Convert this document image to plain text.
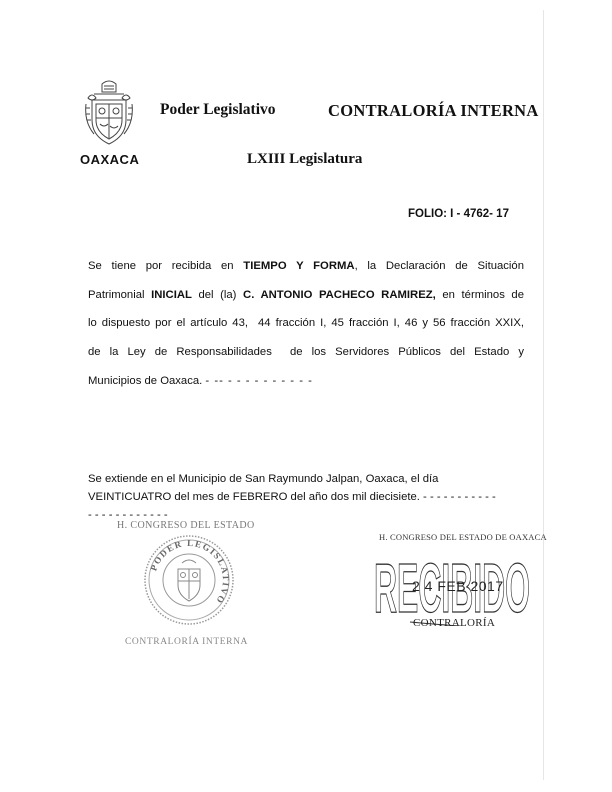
OAXACA
Poder Legislativo	CONTRALORÍA INTERNA
LXIII Legislatura
FOLIO: I - 4762- 17
Se tiene por recibida en TIEMPO Y FORMA, la Declaración de Situación
Patrimonial INICIAL del (la) C. ANTONIO PACHECO RAMIREZ, en términos de
lo dispuesto por el artículo 43,  44 fracción I, 45 fracción I, 46 y 56 fracción XXIX,
de la Ley de Responsabilidades  de los Servidores Públicos del Estado y
Municipios de Oaxaca. - -- - - - - - - - - - -
Se extiende en el Municipio de San Raymundo Jalpan, Oaxaca, el día
VEINTICUATRO del mes de FEBRERO del año dos mil diecisiete. - - - - - - - - - - -
- - - - - - - - - - - -
H. CONGRESO DEL ESTADO
PODER LEGISLATIVO
CONTRALORÍA INTERNA
H. CONGRESO DEL ESTADO DE OAXACA
RECIBIDO
2 4 FEB 2017
CONTRALORÍA
